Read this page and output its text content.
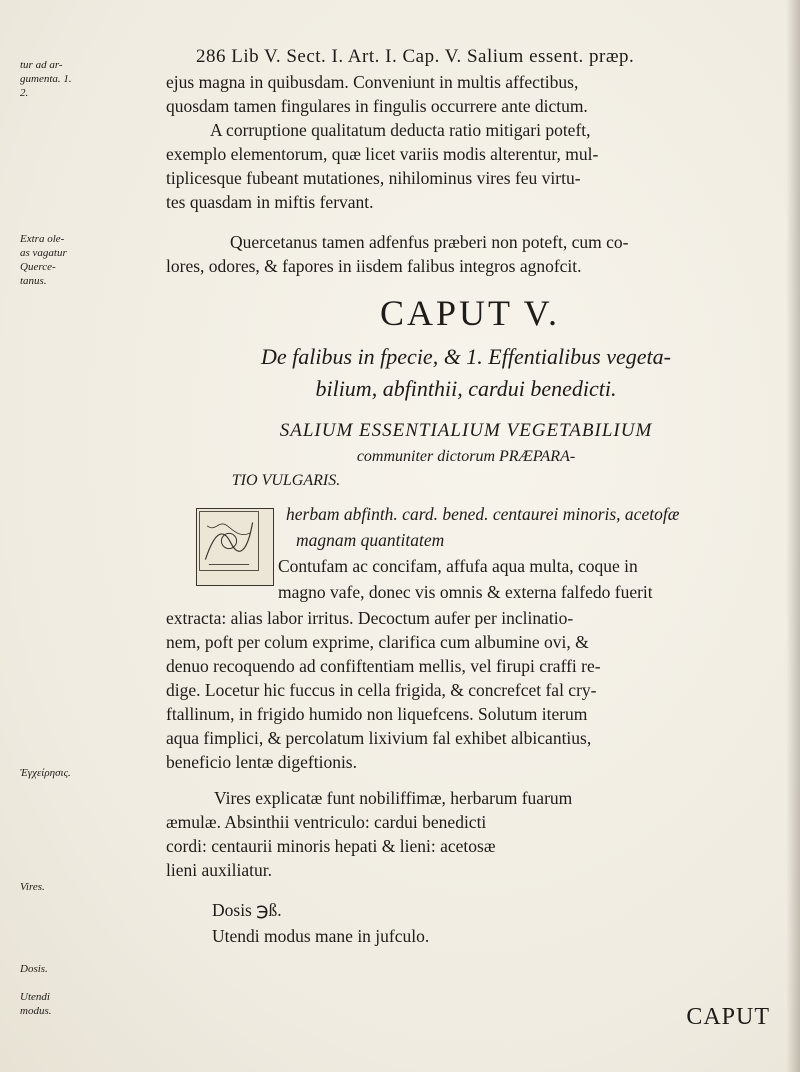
286 Lib V. Sect. I. Art. I. Cap. V. Salium essent. præp.
tur ad ar-gumenta. 1. 2.
Extra ole-as vagatur Querce-tanus.
Ἐγχείρησις.
Vires.
Dosis.
Utendi modus.
ejus magna in quibusdam. Conveniunt in multis affectibus,
quosdam tamen fingulares in fingulis occurrere ante dictum.
A corruptione qualitatum deducta ratio mitigari poteft,
exemplo elementorum, quæ licet variis modis alterentur, mul-
tiplicesque fubeant mutationes, nihilominus vires feu virtu-
tes quasdam in miftis fervant.
Quercetanus tamen adfenfus præberi non poteft, cum co-
lores, odores, & fapores in iisdem falibus integros agnofcit.
CAPUT V.
De falibus in fpecie, & 1. Effentialibus vegeta-
bilium, abfinthii, cardui benedicti.
SALIUM ESSENTIALIUM VEGETABILIUM
communiter dictorum PRÆPARA-
TIO VULGARIS.
herbam abfinth. card. bened. centaurei minoris, acetofæ
magnam quantitatem
Contufam ac concifam, affufa aqua multa, coque in
magno vafe, donec vis omnis & externa falfedo fuerit
extracta: alias labor irritus. Decoctum aufer per inclinatio-
nem, poft per colum exprime, clarifica cum albumine ovi, &
denuo recoquendo ad confiftentiam mellis, vel firupi craffi re-
dige. Locetur hic fuccus in cella frigida, & concrefcet fal cry-
ftallinum, in frigido humido non liquefcens. Solutum iterum
aqua fimplici, & percolatum lixivium fal exhibet albicantius,
beneficio lentæ digeftionis.
Vires explicatæ funt nobiliffimæ, herbarum fuarum
æmulæ. Absinthii ventriculo: cardui benedicti
cordi: centaurii minoris hepati & lieni: acetosæ
lieni auxiliatur.
Dosis ℈ß.
Utendi modus mane in jufculo.
CAPUT
